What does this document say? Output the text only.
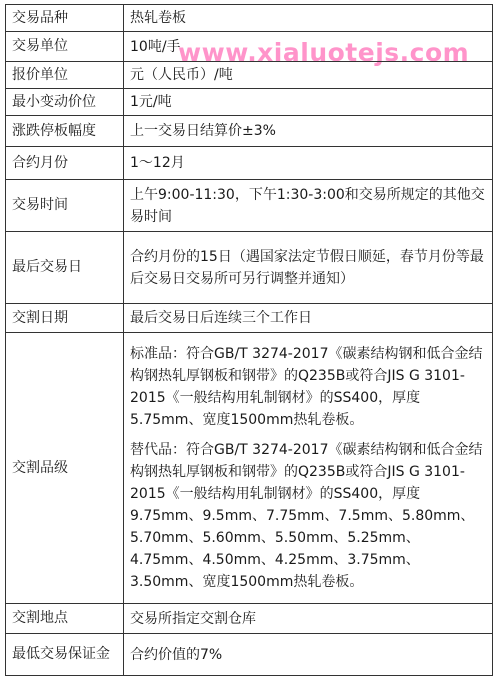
www.xialuotejs.com
交易品种	热轧卷板
交易单位	10吨/手
报价单位	元（人民币）/吨
最小变动价位	1元/吨
涨跌停板幅度	上一交易日结算价±3%
合约月份	1～12月
交易时间	上午9:00-11:30，下午1:30-3:00和交易所规定的其他交易时间
最后交易日	合约月份的15日（遇国家法定节假日顺延，春节月份等最后交易日交易所可另行调整并通知）
交割日期	最后交易日后连续三个工作日
交割品级	标准品：符合GB/T 3274-2017《碳素结构钢和低合金结构钢热轧厚钢板和钢带》的Q235B或符合JIS G 3101-2015《一般结构用轧制钢材》的SS400，厚度5.75mm、宽度1500mm热轧卷板。

替代品：符合GB/T 3274-2017《碳素结构钢和低合金结构钢热轧厚钢板和钢带》的Q235B或符合JIS G 3101-2015《一般结构用轧制钢材》的SS400，厚度9.75mm、9.5mm、7.75mm、7.5mm、5.80mm、5.70mm、5.60mm、5.50mm、5.25mm、4.75mm、4.50mm、4.25mm、3.75mm、3.50mm、宽度1500mm热轧卷板。

交割地点	交易所指定交割仓库
最低交易保证金	合约价值的7%
